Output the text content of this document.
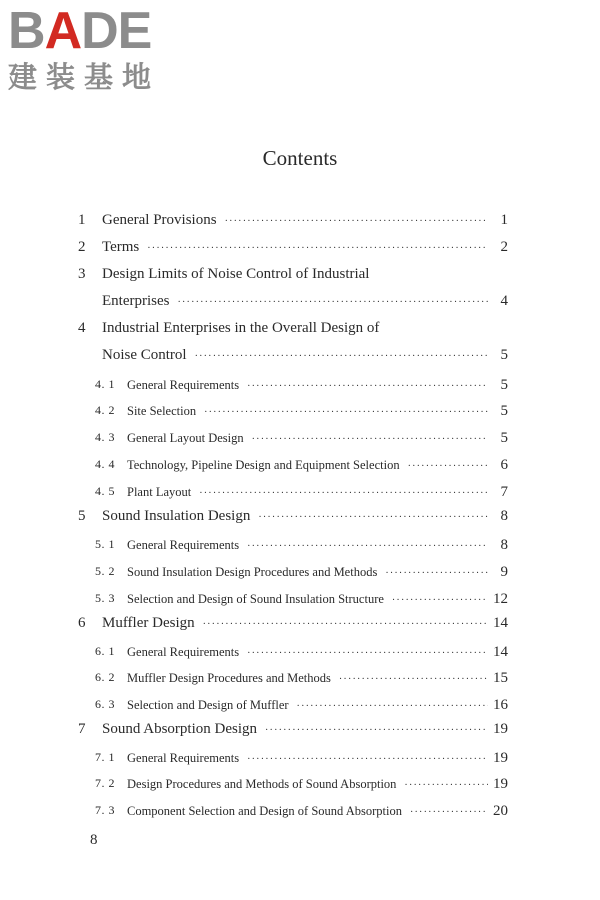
BADE
建装基地
Contents
1	General Provisions ·····	1
2	Terms ·····	2
3	Design Limits of Noise Control of Industrial
Enterprises ·····	4
4	Industrial Enterprises in the Overall Design of
Noise Control ·····	5
4. 1 General Requirements ·····	5
4. 2 Site Selection ·····	5
4. 3 General Layout Design ·····	5
4. 4 Technology, Pipeline Design and Equipment Selection ·····	6
4. 5 Plant Layout ·····	7
5	Sound Insulation Design ·····	8
5. 1 General Requirements ·····	8
5. 2 Sound Insulation Design Procedures and Methods ·····	9
5. 3 Selection and Design of Sound Insulation Structure ·····	12
6	Muffler Design ·····	14
6. 1 General Requirements ·····	14
6. 2 Muffler Design Procedures and Methods ·····	15
6. 3 Selection and Design of Muffler ·····	16
7	Sound Absorption Design ·····	19
7. 1 General Requirements ·····	19
7. 2 Design Procedures and Methods of Sound Absorption ·····	19
7. 3 Component Selection and Design of Sound Absorption ·····	20
8
